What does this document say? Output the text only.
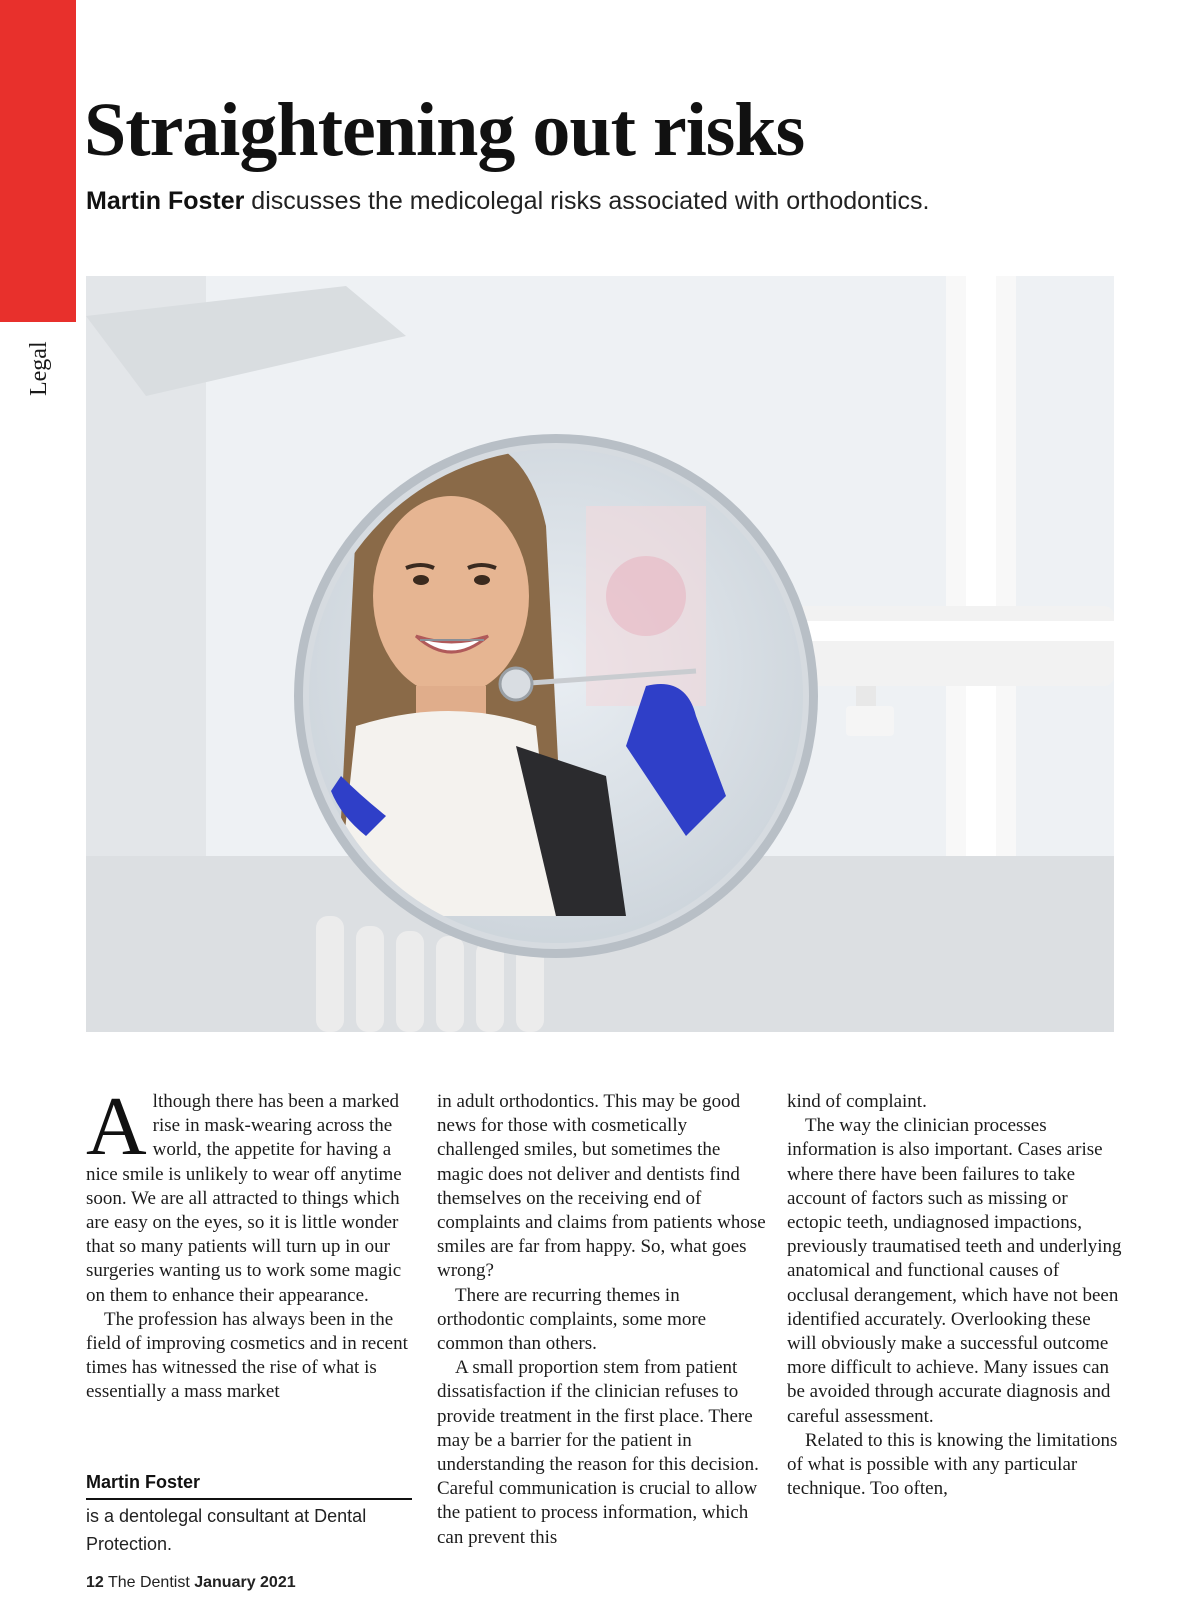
Legal
Straightening out risks

Martin Foster discusses the medicolegal risks associated with orthodontics.

Although there has been a marked rise in mask-wearing across the world, the appetite for having a nice smile is unlikely to wear off anytime soon. We are all attracted to things which are easy on the eyes, so it is little wonder that so many patients will turn up in our surgeries wanting us to work some magic on them to enhance their appearance.

The profession has always been in the field of improving cosmetics and in recent times has witnessed the rise of what is essentially a mass market

in adult orthodontics. This may be good news for those with cosmetically challenged smiles, but sometimes the magic does not deliver and dentists find themselves on the receiving end of complaints and claims from patients whose smiles are far from happy. So, what goes wrong?

There are recurring themes in orthodontic complaints, some more common than others.

A small proportion stem from patient dissatisfaction if the clinician refuses to provide treatment in the first place. There may be a barrier for the patient in understanding the reason for this decision. Careful communication is crucial to allow the patient to process information, which can prevent this

kind of complaint.

The way the clinician processes information is also important. Cases arise where there have been failures to take account of factors such as missing or ectopic teeth, undiagnosed impactions, previously traumatised teeth and underlying anatomical and functional causes of occlusal derangement, which have not been identified accurately. Overlooking these will obviously make a successful outcome more difficult to achieve. Many issues can be avoided through accurate diagnosis and careful assessment.

Related to this is knowing the limitations of what is possible with any particular technique. Too often,

Martin Foster
is a dentolegal consultant at Dental Protection.
12 The Dentist January 2021
